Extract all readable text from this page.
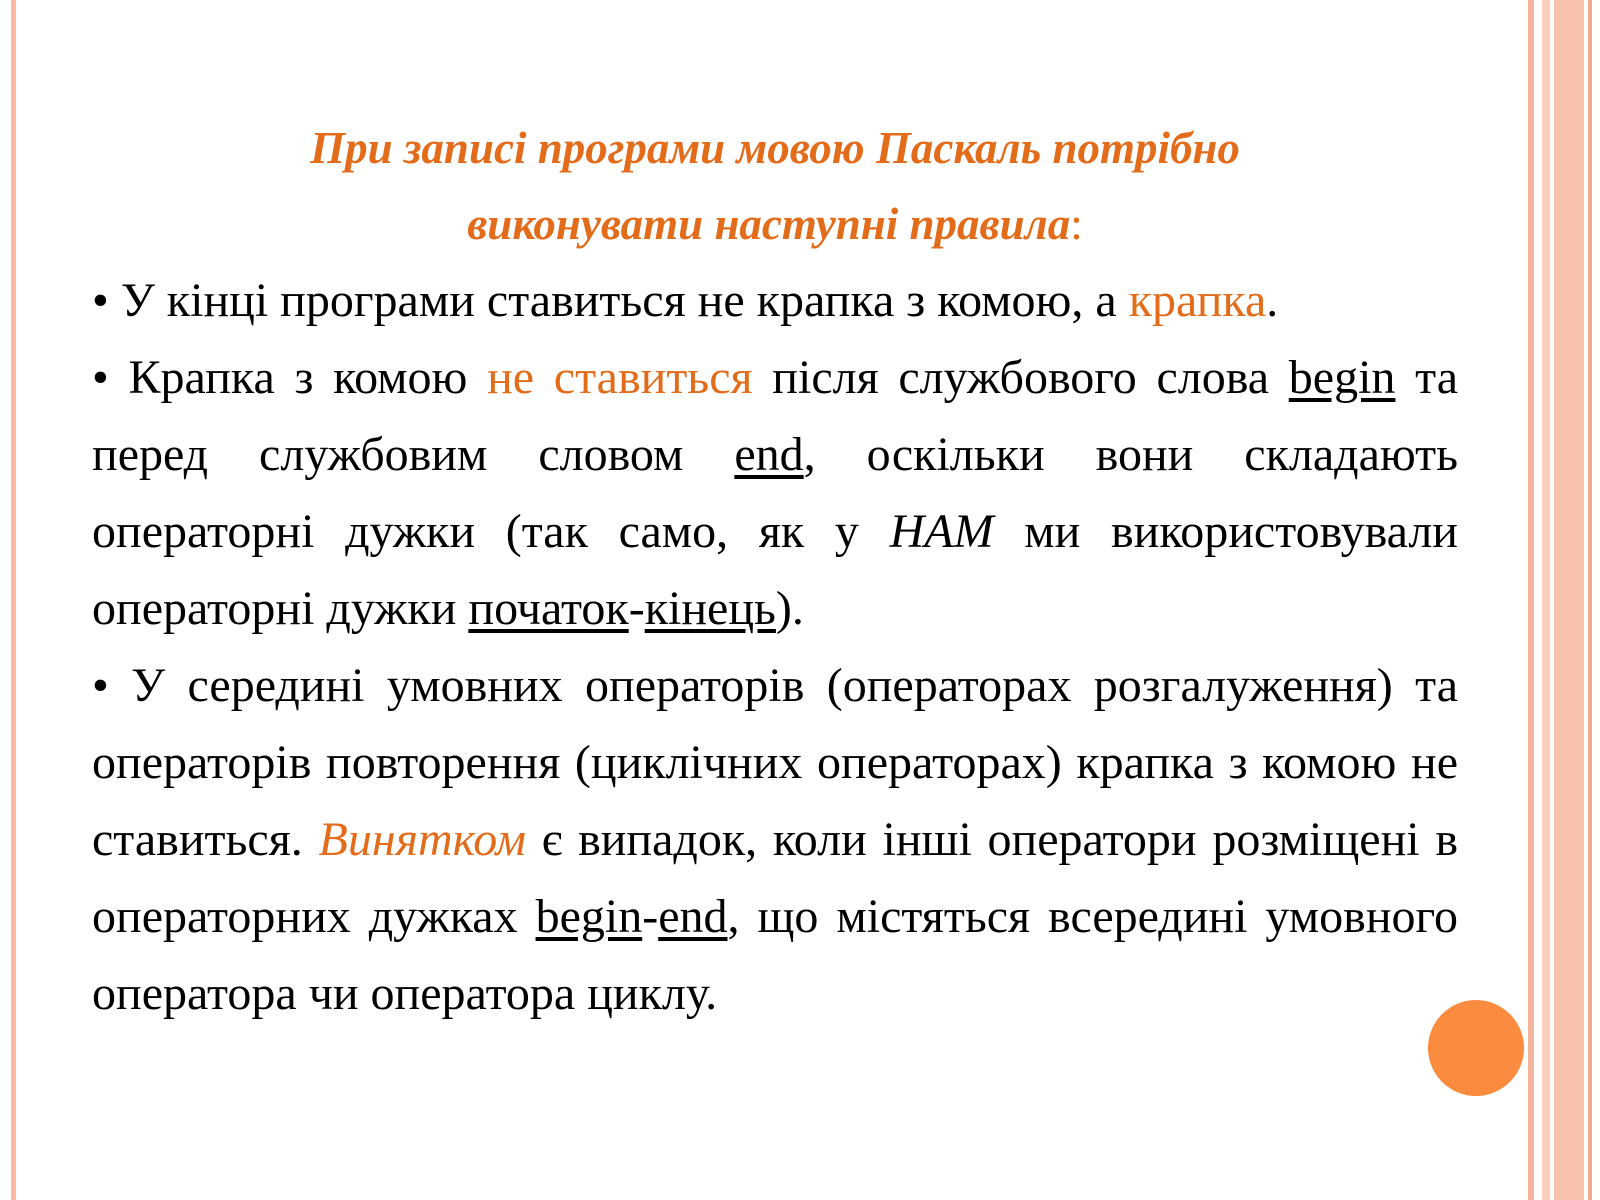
При записі програми мовою Паскаль потрібно
виконувати наступні правила:

• У кінці програми ставиться не крапка з комою, а крапка.

• Крапка з комою не ставиться після службового слова begin та перед службовим словом end, оскільки вони складають операторні дужки (так само, як у НАМ ми використовували операторні дужки початок-кінець).

• У середині умовних операторів (операторах розгалуження) та операторів повторення (циклічних операторах) крапка з комою не ставиться. Винятком є випадок, коли інші оператори розміщені в операторних дужках begin-end, що містяться всередині умовного оператора чи оператора циклу.
